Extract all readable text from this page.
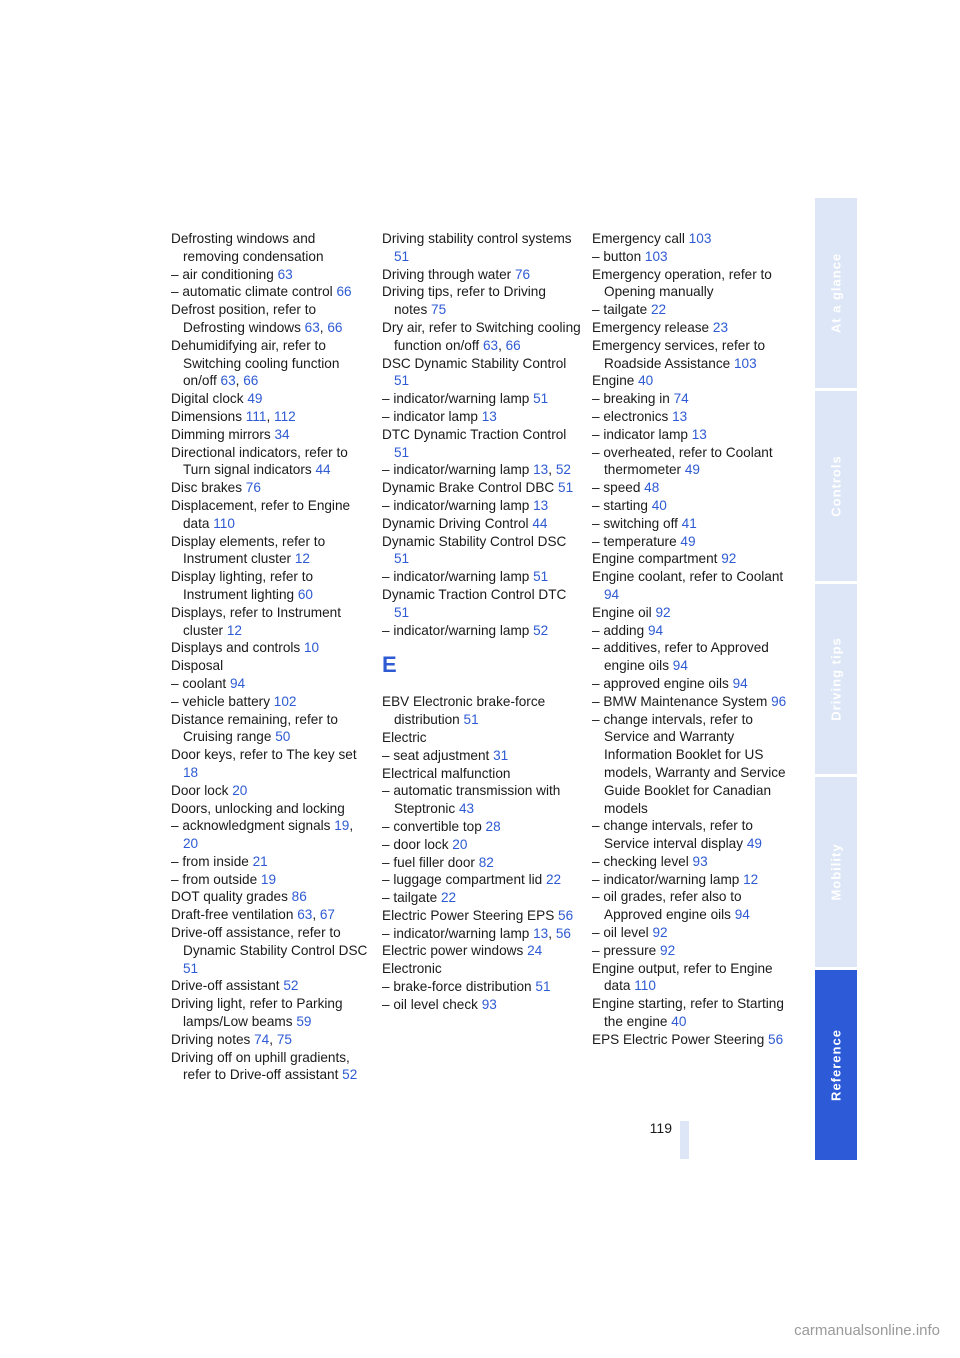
Defrosting windows and removing condensation
– air conditioning 63
– automatic climate control 66
Defrost position, refer to Defrosting windows 63, 66
Dehumidifying air, refer to Switching cooling function on/off 63, 66
Digital clock 49
Dimensions 111, 112
Dimming mirrors 34
Directional indicators, refer to Turn signal indicators 44
Disc brakes 76
Displacement, refer to Engine data 110
Display elements, refer to Instrument cluster 12
Display lighting, refer to Instrument lighting 60
Displays, refer to Instrument cluster 12
Displays and controls 10
Disposal
– coolant 94
– vehicle battery 102
Distance remaining, refer to Cruising range 50
Door keys, refer to The key set 18
Door lock 20
Doors, unlocking and locking
– acknowledgment signals 19, 20
– from inside 21
– from outside 19
DOT quality grades 86
Draft-free ventilation 63, 67
Drive-off assistance, refer to Dynamic Stability Control DSC 51
Drive-off assistant 52
Driving light, refer to Parking lamps/Low beams 59
Driving notes 74, 75
Driving off on uphill gradients, refer to Drive-off assistant 52
Driving stability control systems 51
Driving through water 76
Driving tips, refer to Driving notes 75
Dry air, refer to Switching cooling function on/off 63, 66
DSC Dynamic Stability Control 51
– indicator/warning lamp 51
– indicator lamp 13
DTC Dynamic Traction Control 51
– indicator/warning lamp 13, 52
Dynamic Brake Control DBC 51
– indicator/warning lamp 13
Dynamic Driving Control 44
Dynamic Stability Control DSC 51
– indicator/warning lamp 51
Dynamic Traction Control DTC 51
– indicator/warning lamp 52
E
EBV Electronic brake-force distribution 51
Electric
– seat adjustment 31
Electrical malfunction
– automatic transmission with Steptronic 43
– convertible top 28
– door lock 20
– fuel filler door 82
– luggage compartment lid 22
– tailgate 22
Electric Power Steering EPS 56
– indicator/warning lamp 13, 56
Electric power windows 24
Electronic
– brake-force distribution 51
– oil level check 93
Emergency call 103
– button 103
Emergency operation, refer to Opening manually
– tailgate 22
Emergency release 23
Emergency services, refer to Roadside Assistance 103
Engine 40
– breaking in 74
– electronics 13
– indicator lamp 13
– overheated, refer to Coolant thermometer 49
– speed 48
– starting 40
– switching off 41
– temperature 49
Engine compartment 92
Engine coolant, refer to Coolant 94
Engine oil 92
– adding 94
– additives, refer to Approved engine oils 94
– approved engine oils 94
– BMW Maintenance System 96
– change intervals, refer to Service and Warranty Information Booklet for US models, Warranty and Service Guide Booklet for Canadian models
– change intervals, refer to Service interval display 49
– checking level 93
– indicator/warning lamp 12
– oil grades, refer also to Approved engine oils 94
– oil level 92
– pressure 92
Engine output, refer to Engine data 110
Engine starting, refer to Starting the engine 40
EPS Electric Power Steering 56
119
At a glance
Controls
Driving tips
Mobility
Reference
carmanualsonline.info
